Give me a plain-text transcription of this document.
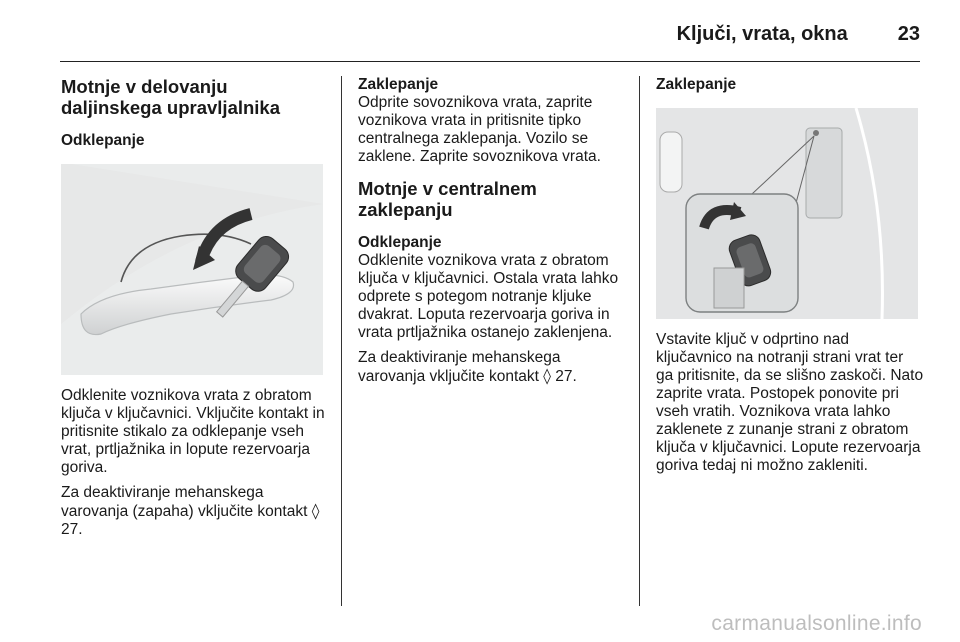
Ključi, vrata, okna	23
Motnje v delovanju daljinskega upravljalnika
Odklepanje

Odklenite voznikova vrata z obratom ključa v ključavnici. Vključite kontakt in pritisnite stikalo za odklepanje vseh vrat, prtljažnika in lopute rezervoarja goriva.

Za deaktiviranje mehanskega varovanja (zapaha) vključite kontakt ◊ 27.

Zaklepanje

Odprite sovoznikova vrata, zaprite voznikova vrata in pritisnite tipko centralnega zaklepanja. Vozilo se zaklene. Zaprite sovoznikova vrata.

Motnje v centralnem zaklepanju
Odklepanje

Odklenite voznikova vrata z obratom ključa v ključavnici. Ostala vrata lahko odprete s potegom notranje kljuke dvakrat. Loputa rezervoarja goriva in vrata prtljažnika ostanejo zaklenjena.

Za deaktiviranje mehanskega varovanja vključite kontakt ◊ 27.

Zaklepanje

Vstavite ključ v odprtino nad ključavnico na notranji strani vrat ter ga pritisnite, da se slišno zaskoči. Nato zaprite vrata. Postopek ponovite pri vseh vratih. Voznikova vrata lahko zaklenete z zunanje strani z obratom ključa v ključavnici. Lopute rezervoarja goriva tedaj ni možno zakleniti.

carmanualsonline.info
